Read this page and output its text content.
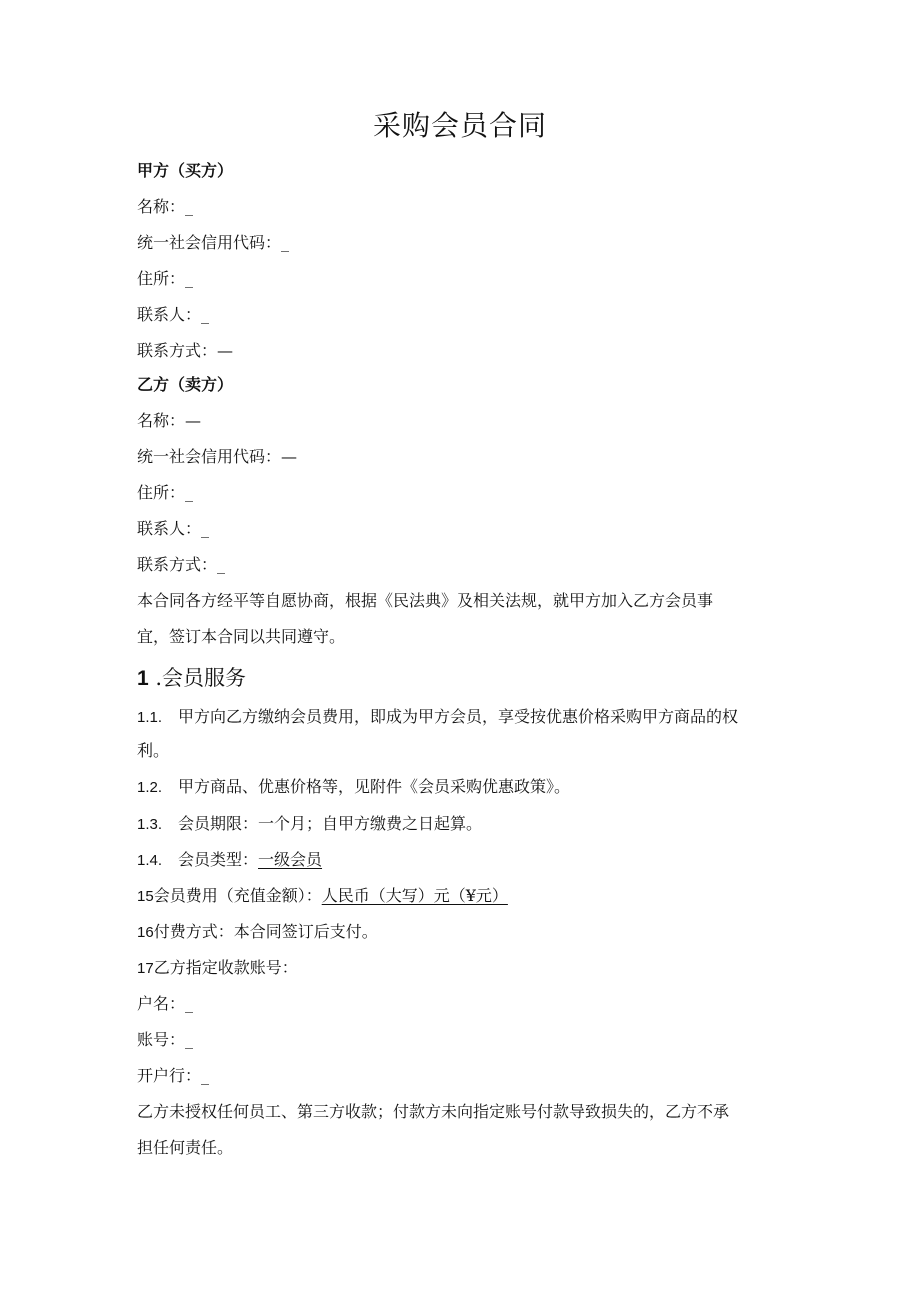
采购会员合同
甲方（买方）
名称：_
统一社会信用代码：_
住所：_
联系人：_
联系方式：—
乙方（卖方）
名称：—
统一社会信用代码：—
住所：_
联系人：_
联系方式：_
本合同各方经平等自愿协商，根据《民法典》及相关法规，就甲方加入乙方会员事
宜，签订本合同以共同遵守。
1 .会员服务
1.1. 甲方向乙方缴纳会员费用，即成为甲方会员，享受按优惠价格采购甲方商品的权
利。
1.2. 甲方商品、优惠价格等，见附件《会员采购优惠政策》。
1.3. 会员期限：一个月；自甲方缴费之日起算。
1.4. 会员类型：一级会员
15会员费用（充值金额）：人民币（大写）元（¥元）
16付费方式：本合同签订后支付。
17乙方指定收款账号：
户名：_
账号：_
开户行：_
乙方未授权任何员工、第三方收款；付款方未向指定账号付款导致损失的，乙方不承
担任何责任。
